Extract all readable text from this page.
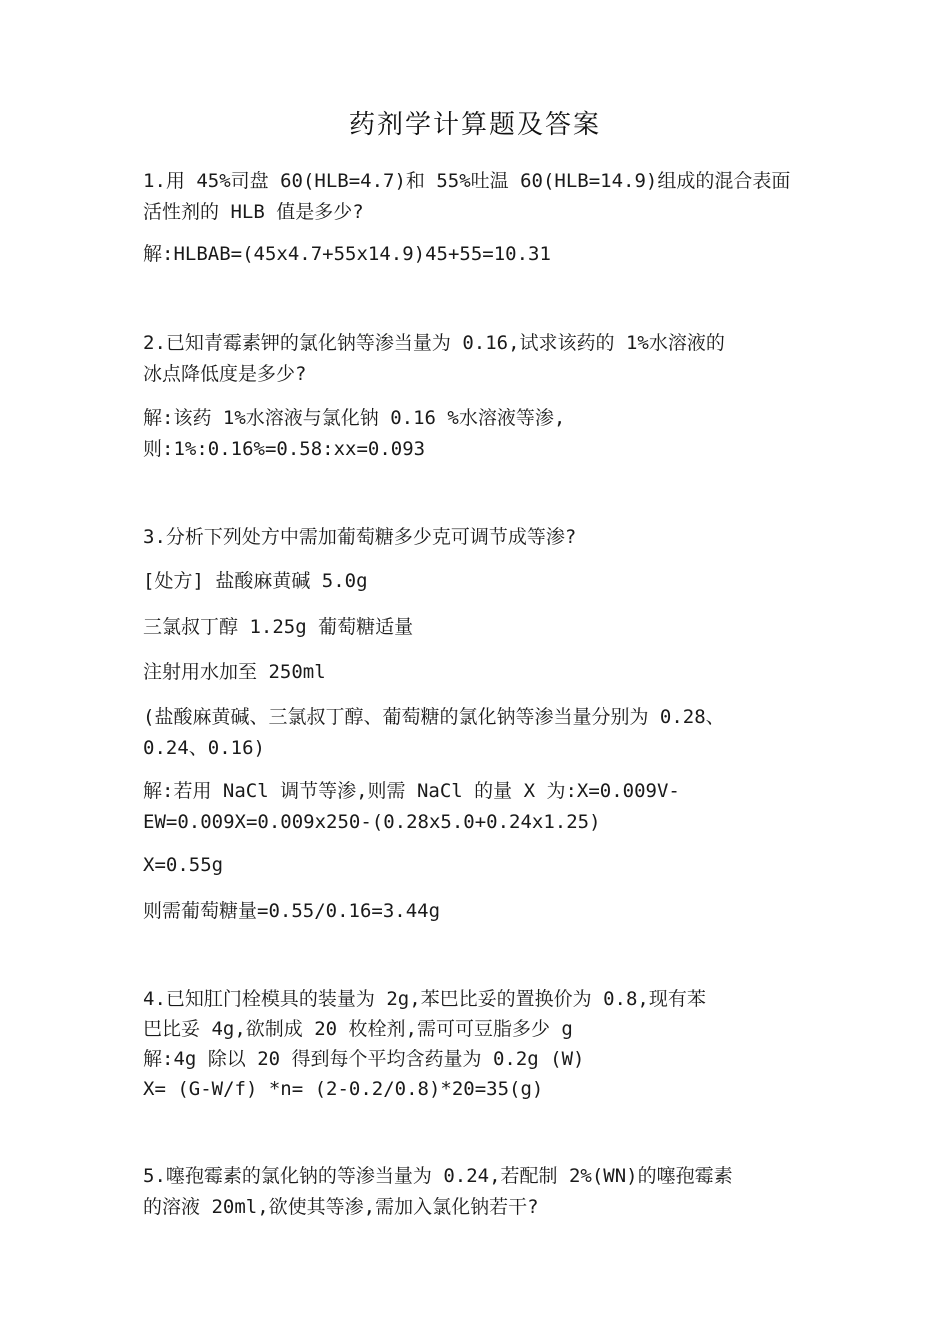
药剂学计算题及答案
1.用 45%司盘 60(HLB=4.7)和 55%吐温 60(HLB=14.9)组成的混合表面
活性剂的 HLB 值是多少?
解:HLBAB=(45x4.7+55x14.9)45+55=10.31
2.已知青霉素钾的氯化钠等渗当量为 0.16,试求该药的 1%水溶液的
冰点降低度是多少?
解:该药 1%水溶液与氯化钠 0.16 %水溶液等渗,
则:1%:0.16%=0.58:xx=0.093
3.分析下列处方中需加葡萄糖多少克可调节成等渗?
[处方] 盐酸麻黄碱 5.0g
三氯叔丁醇 1.25g 葡萄糖适量
注射用水加至 250ml
(盐酸麻黄碱、三氯叔丁醇、葡萄糖的氯化钠等渗当量分别为 0.28、
0.24、0.16)
解:若用 NaCl 调节等渗,则需 NaCl 的量 X 为:X=0.009V-
EW=0.009X=0.009x250-(0.28x5.0+0.24x1.25)
X=0.55g
则需葡萄糖量=0.55/0.16=3.44g
4.已知肛门栓模具的装量为 2g,苯巴比妥的置换价为 0.8,现有苯
巴比妥 4g,欲制成 20 枚栓剂,需可可豆脂多少 g
解:4g 除以 20 得到每个平均含药量为 0.2g (W)
X= (G-W/f) *n= (2-0.2/0.8)*20=35(g)
5.噻孢霉素的氯化钠的等渗当量为 0.24,若配制 2%(WN)的噻孢霉素
的溶液 20ml,欲使其等渗,需加入氯化钠若干?
